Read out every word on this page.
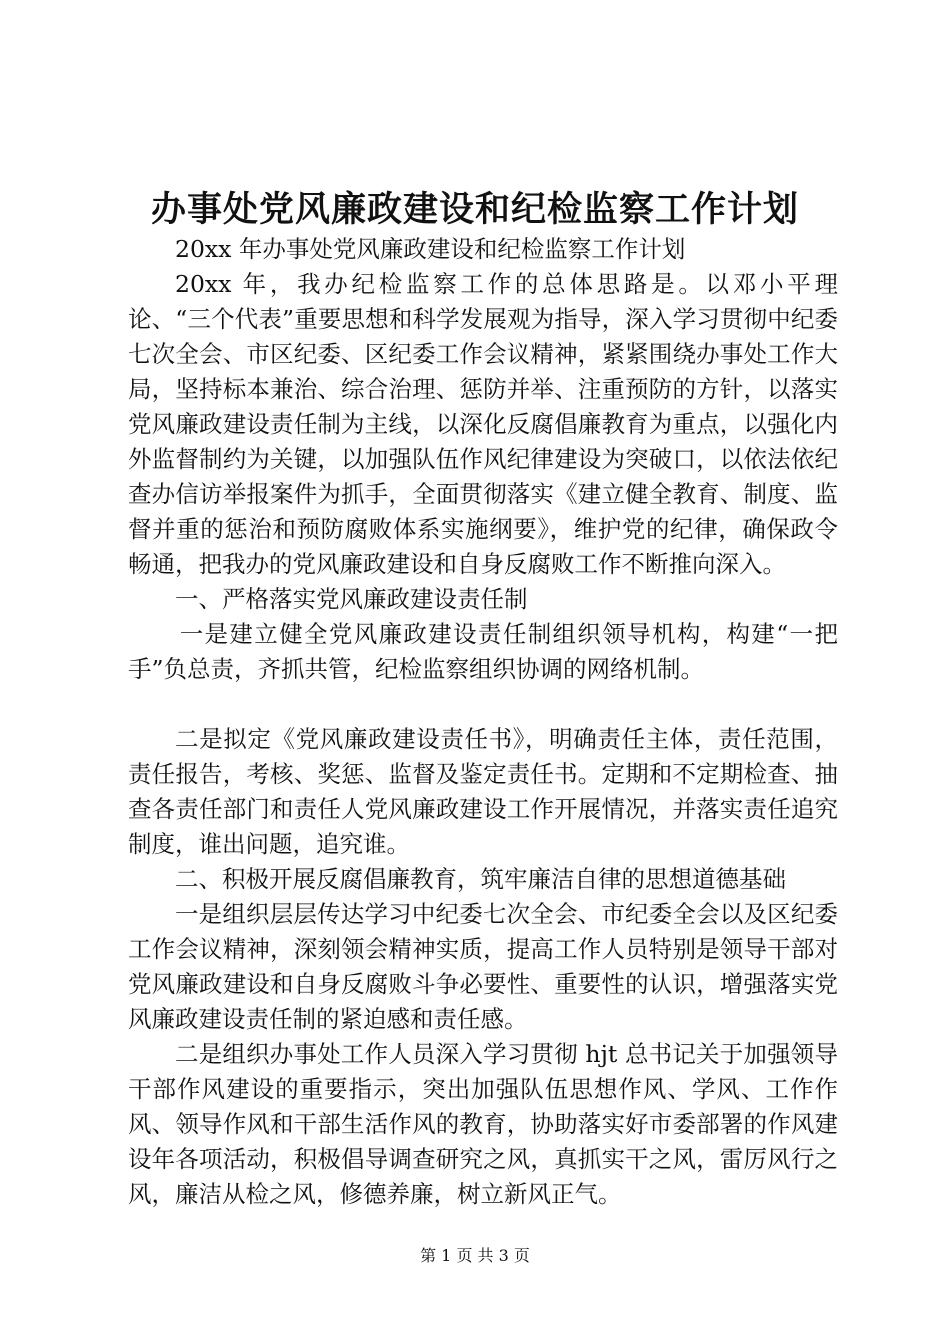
办事处党风廉政建设和纪检监察工作计划

20xx 年办事处党风廉政建设和纪检监察工作计划

20xx 年，我办纪检监察工作的总体思路是。以邓小平理论、“三个代表”重要思想和科学发展观为指导，深入学习贯彻中纪委七次全会、市区纪委、区纪委工作会议精神，紧紧围绕办事处工作大局，坚持标本兼治、综合治理、惩防并举、注重预防的方针，以落实党风廉政建设责任制为主线，以深化反腐倡廉教育为重点，以强化内外监督制约为关键，以加强队伍作风纪律建设为突破口，以依法依纪查办信访举报案件为抓手，全面贯彻落实《建立健全教育、制度、监督并重的惩治和预防腐败体系实施纲要》，维护党的纪律，确保政令畅通，把我办的党风廉政建设和自身反腐败工作不断推向深入。

一、严格落实党风廉政建设责任制

一是建立健全党风廉政建设责任制组织领导机构，构建“一把手”负总责，齐抓共管，纪检监察组织协调的网络机制。

二是拟定《党风廉政建设责任书》，明确责任主体，责任范围，责任报告，考核、奖惩、监督及鉴定责任书。定期和不定期检查、抽查各责任部门和责任人党风廉政建设工作开展情况，并落实责任追究制度，谁出问题，追究谁。

二、积极开展反腐倡廉教育，筑牢廉洁自律的思想道德基础

一是组织层层传达学习中纪委七次全会、市纪委全会以及区纪委工作会议精神，深刻领会精神实质，提高工作人员特别是领导干部对党风廉政建设和自身反腐败斗争必要性、重要性的认识，增强落实党风廉政建设责任制的紧迫感和责任感。

二是组织办事处工作人员深入学习贯彻 hjt 总书记关于加强领导干部作风建设的重要指示，突出加强队伍思想作风、学风、工作作风、领导作风和干部生活作风的教育，协助落实好市委部署的作风建设年各项活动，积极倡导调查研究之风，真抓实干之风，雷厉风行之风，廉洁从检之风，修德养廉，树立新风正气。

第 1 页 共 3 页
